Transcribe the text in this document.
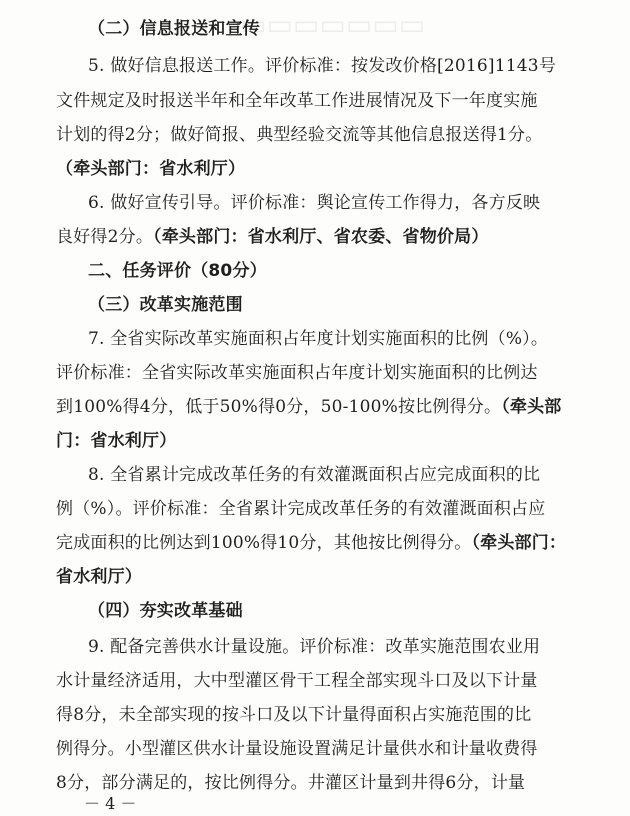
▭▭▭▭▭▭▭
（二）信息报送和宣传
5. 做好信息报送工作。评价标准：按发改价格[2016]1143号
文件规定及时报送半年和全年改革工作进展情况及下一年度实施
计划的得2分；做好简报、典型经验交流等其他信息报送得1分。
（牵头部门：省水利厅）
6. 做好宣传引导。评价标准：舆论宣传工作得力，各方反映
良好得2分。（牵头部门：省水利厅、省农委、省物价局）
二、任务评价（80分）
（三）改革实施范围
7. 全省实际改革实施面积占年度计划实施面积的比例（%）。
评价标准：全省实际改革实施面积占年度计划实施面积的比例达
到100%得4分，低于50%得0分，50-100%按比例得分。（牵头部
门：省水利厅）
8. 全省累计完成改革任务的有效灌溉面积占应完成面积的比
例（%）。评价标准：全省累计完成改革任务的有效灌溉面积占应
完成面积的比例达到100%得10分，其他按比例得分。（牵头部门：
省水利厅）
（四）夯实改革基础
9. 配备完善供水计量设施。评价标准：改革实施范围农业用
水计量经济适用，大中型灌区骨干工程全部实现斗口及以下计量
得8分，未全部实现的按斗口及以下计量得面积占实施范围的比
例得分。小型灌区供水计量设施设置满足计量供水和计量收费得
8分，部分满足的，按比例得分。井灌区计量到井得6分，计量
－ 4 －
